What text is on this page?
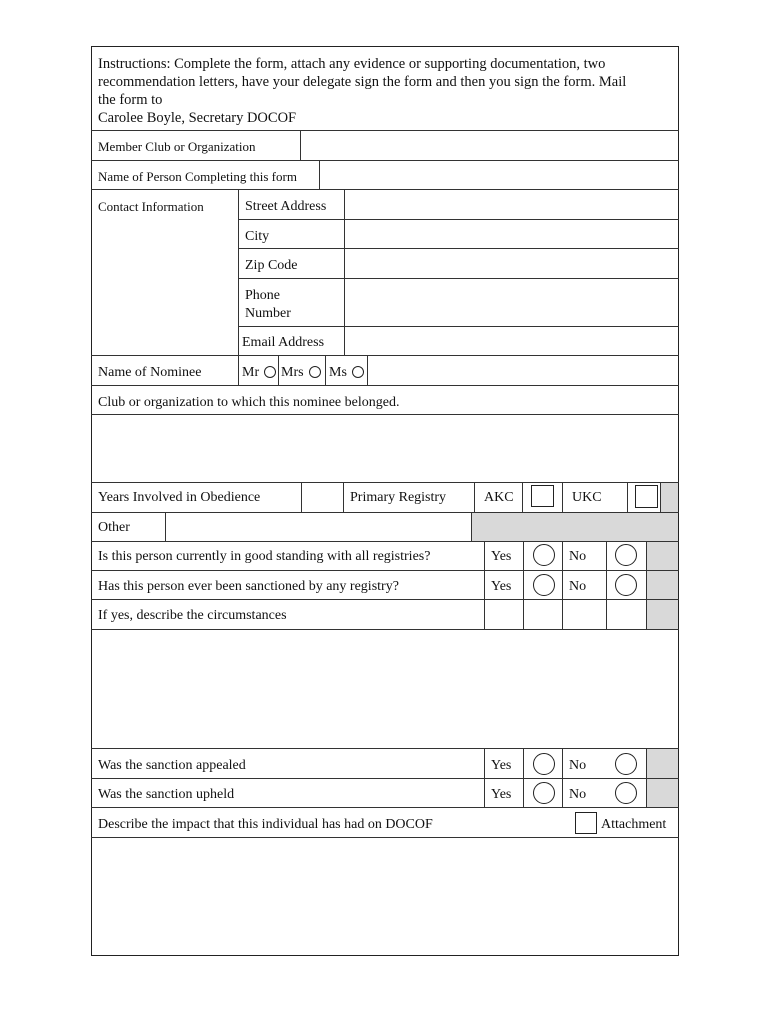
Instructions: Complete the form, attach any evidence or supporting documentation, two
recommendation letters, have your delegate sign the form and then you sign the form. Mail
the form to
Carolee Boyle, Secretary DOCOF
Member Club or Organization
Name of Person Completing this form
Contact Information	Street Address
City
Zip Code
Phone
Number
Email Address
Name of Nominee	Mr Mrs Ms
Club or organization to which this nominee belonged.
Years Involved in Obedience	Primary Registry	AKC	UKC
Other
Is this person currently in good standing with all registries?	Yes	No
Has this person ever been sanctioned by any registry?	Yes	No
If yes, describe the circumstances
Was the sanction appealed	Yes	No
Was the sanction upheld	Yes	No
Describe the impact that this individual has had on DOCOF	Attachment
